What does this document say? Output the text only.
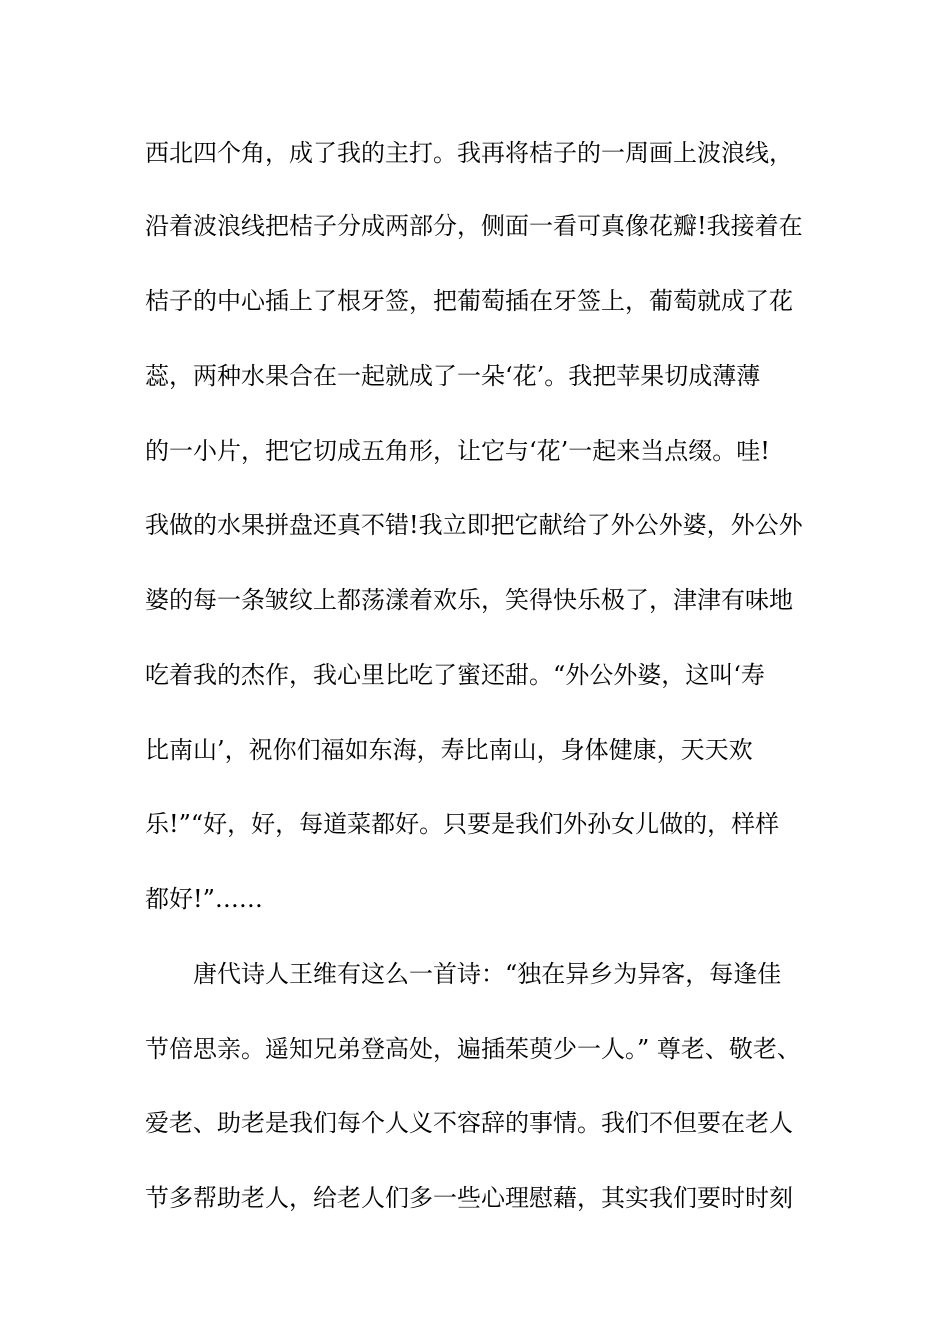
西北四个角，成了我的主打。我再将桔子的一周画上波浪线，
沿着波浪线把桔子分成两部分，侧面一看可真像花瓣!我接着在
桔子的中心插上了根牙签，把葡萄插在牙签上，葡萄就成了花
蕊，两种水果合在一起就成了一朵‘花’。我把苹果切成薄薄
的一小片，把它切成五角形，让它与‘花’一起来当点缀。哇!
我做的水果拼盘还真不错!我立即把它献给了外公外婆，外公外
婆的每一条皱纹上都荡漾着欢乐，笑得快乐极了，津津有味地
吃着我的杰作，我心里比吃了蜜还甜。“外公外婆，这叫‘寿
比南山’，祝你们福如东海，寿比南山，身体健康，天天欢
乐!”“好，好，每道菜都好。只要是我们外孙女儿做的，样样
都好!”……
唐代诗人王维有这么一首诗：“独在异乡为异客，每逢佳
节倍思亲。遥知兄弟登高处，遍插茱萸少一人。” 尊老、敬老、
爱老、助老是我们每个人义不容辞的事情。我们不但要在老人
节多帮助老人，给老人们多一些心理慰藉，其实我们要时时刻
